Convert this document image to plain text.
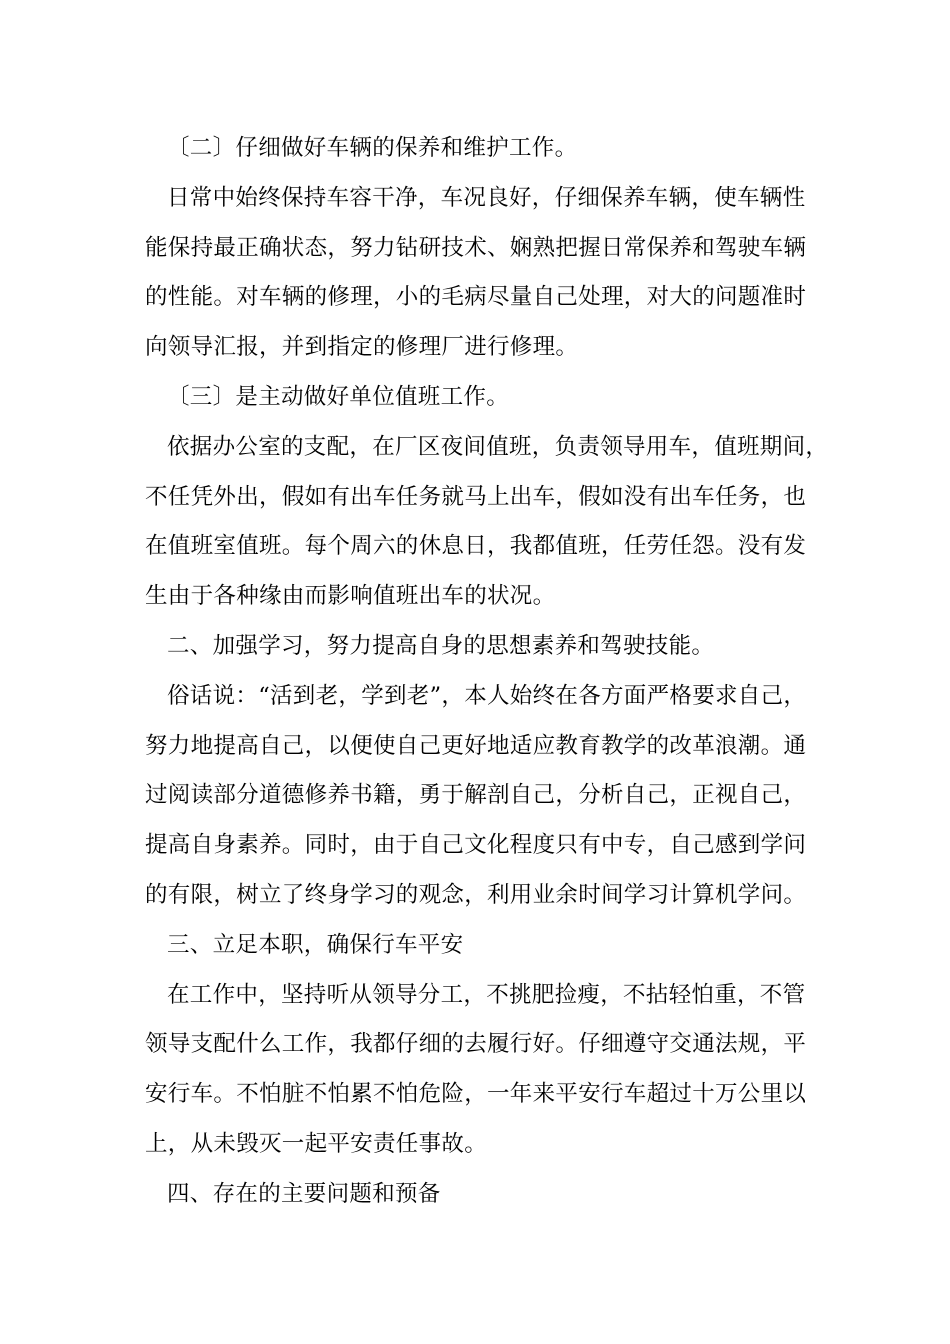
〔二〕仔细做好车辆的保养和维护工作。

日常中始终保持车容干净，车况良好，仔细保养车辆，使车辆性
能保持最正确状态，努力钻研技术、娴熟把握日常保养和驾驶车辆
的性能。对车辆的修理，小的毛病尽量自己处理，对大的问题准时
向领导汇报，并到指定的修理厂进行修理。

〔三〕是主动做好单位值班工作。

依据办公室的支配，在厂区夜间值班，负责领导用车，值班期间，
不任凭外出，假如有出车任务就马上出车，假如没有出车任务，也
在值班室值班。每个周六的休息日，我都值班，任劳任怨。没有发
生由于各种缘由而影响值班出车的状况。

二、加强学习，努力提高自身的思想素养和驾驶技能。

俗话说：“活到老，学到老”，本人始终在各方面严格要求自己，
努力地提高自己，以便使自己更好地适应教育教学的改革浪潮。通
过阅读部分道德修养书籍，勇于解剖自己，分析自己，正视自己，
提高自身素养。同时，由于自己文化程度只有中专，自己感到学问
的有限，树立了终身学习的观念，利用业余时间学习计算机学问。

三、立足本职，确保行车平安

在工作中，坚持听从领导分工，不挑肥捡瘦，不拈轻怕重，不管
领导支配什么工作，我都仔细的去履行好。仔细遵守交通法规，平
安行车。不怕脏不怕累不怕危险，一年来平安行车超过十万公里以
上，从未毁灭一起平安责任事故。

四、存在的主要问题和预备
